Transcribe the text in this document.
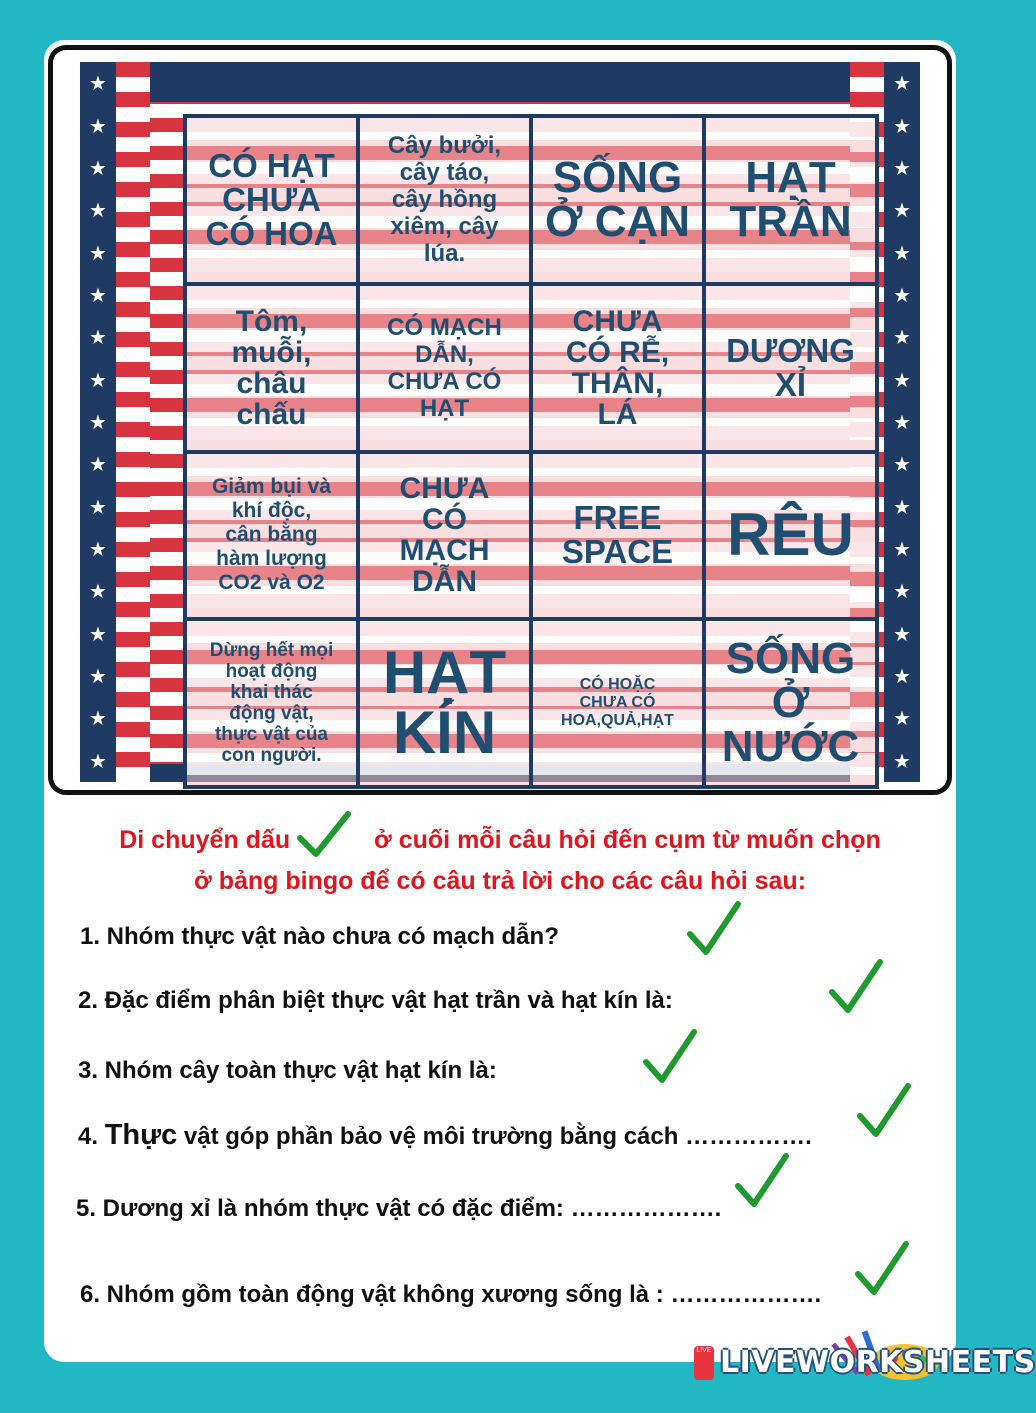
★
★
★
★
★
★
★
★
★
★
★
★
★
★
★
★
★
★
★
★
★
★
★
★
★
★
★
★
★
★
★
★
★
★
CÓ HẠT
CHƯA
CÓ HOA
Cây bưởi,
cây táo,
cây hồng
xiêm, cây
lúa.
SỐNG
Ở CẠN
HẠT
TRẦN
Tôm,
muỗi,
châu
chấu
CÓ MẠCH
DẪN,
CHƯA CÓ
HẠT
CHƯA
CÓ RỄ,
THÂN,
LÁ
DƯƠNG
XỈ
Giảm bụi và
khí độc,
cân bằng
hàm lượng
CO2 và O2
CHƯA
CÓ
MẠCH
DẪN
FREE
SPACE RÊU
Dừng hết mọi
hoạt động
khai thác
động vật,
thực vật của
con người.
HẠT
KÍN
CÓ HOẶC
CHƯA CÓ
HOA,QUẢ,HẠT
SỐNG
Ở
NƯỚC
Di chuyển dấu	ở cuối mỗi câu hỏi đến cụm từ muốn chọn
ở bảng bingo để có câu trả lời cho các câu hỏi sau:
1. Nhóm thực vật nào chưa có mạch dẫn?
2. Đặc điểm phân biệt thực vật hạt trần và hạt kín là:
3. Nhóm cây toàn thực vật hạt kín là:
4. Thực vật góp phần bảo vệ môi trường bằng cách …………….
5. Dương xỉ là nhóm thực vật có đặc điểm: ……………….
6. Nhóm gồm toàn động vật không xương sống là : ……………….
LIVE LIVEWORKSHEETS
